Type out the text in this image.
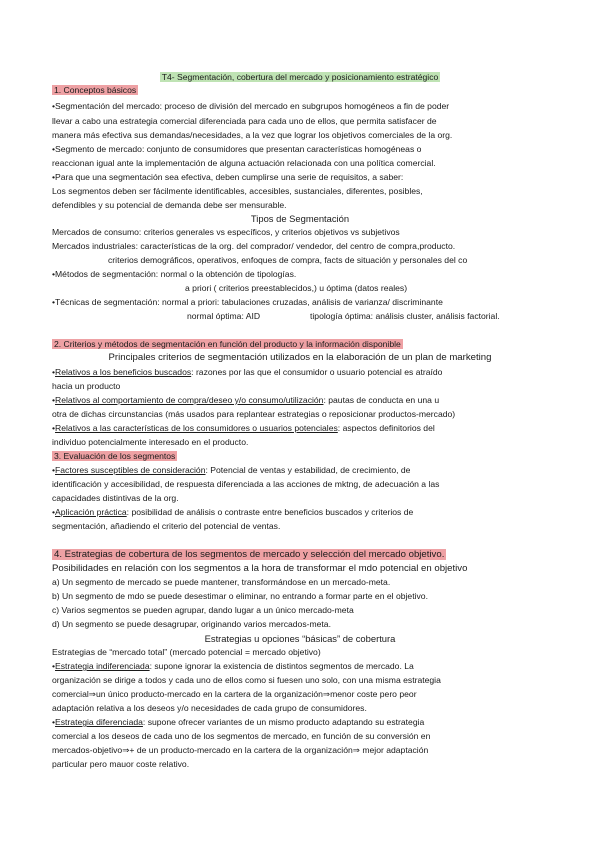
T4- Segmentación, cobertura del mercado y posicionamiento estratégico
1. Conceptos básicos
•Segmentación del mercado: proceso de división del mercado en subgrupos homogéneos a fin de poder
llevar a cabo una estrategia comercial diferenciada para cada uno de ellos, que permita satisfacer de
manera más efectiva sus demandas/necesidades, a la vez que lograr los objetivos comerciales de la org.
•Segmento de mercado: conjunto de consumidores que presentan características homogéneas o
reaccionan igual ante la implementación de alguna actuación relacionada con una política comercial.
•Para que una segmentación sea efectiva, deben cumplirse una serie de requisitos, a saber:
Los segmentos deben ser fácilmente identificables, accesibles, sustanciales, diferentes, posibles,
defendibles y su potencial de demanda debe ser mensurable.
Tipos de Segmentación
Mercados de consumo: criterios generales vs específicos, y criterios objetivos vs subjetivos
Mercados industriales: características de la org. del comprador/ vendedor, del centro de compra,producto.
criterios demográficos, operativos, enfoques de compra, facts de situación y personales del co
•Métodos de segmentación: normal o la obtención de tipologías.
a priori ( criterios preestablecidos,) u óptima (datos reales)
•Técnicas de segmentación: normal a priori: tabulaciones cruzadas, análisis de varianza/ discriminante
normal óptima: AID	tipología óptima: análisis cluster, análisis factorial.
2. Criterios y métodos de segmentación en función del producto y la información disponible
Principales criterios de segmentación utilizados en la elaboración de un plan de marketing
•Relativos a los beneficios buscados: razones por las que el consumidor o usuario potencial es atraído
hacia un producto
•Relativos al comportamiento de compra/deseo y/o consumo/utilización: pautas de conducta en una u
otra de dichas circunstancias (más usados para replantear estrategias o reposicionar productos-mercado)
•Relativos a las características de los consumidores o usuarios potenciales: aspectos definitorios del
individuo potencialmente interesado en el producto.
3. Evaluación de los segmentos
•Factores susceptibles de consideración: Potencial de ventas y estabilidad, de crecimiento, de
identificación y accesibilidad, de respuesta diferenciada a las acciones de mktng, de adecuación a las
capacidades distintivas de la org.
•Aplicación práctica: posibilidad de análisis o contraste entre beneficios buscados y criterios de
segmentación, añadiendo el criterio del potencial de ventas.
4. Estrategias de cobertura de los segmentos de mercado y selección del mercado objetivo.
Posibilidades en relación con los segmentos a la hora de transformar el mdo potencial en objetivo
a) Un segmento de mercado se puede mantener, transformándose en un mercado-meta.
b) Un segmento de mdo se puede desestimar o eliminar, no entrando a formar parte en el objetivo.
c) Varios segmentos se pueden agrupar, dando lugar a un único mercado-meta
d) Un segmento se puede desagrupar, originando varios mercados-meta.
Estrategias u opciones “básicas” de cobertura
Estrategias de “mercado total” (mercado potencial = mercado objetivo)
•Estrategia indiferenciada: supone ignorar la existencia de distintos segmentos de mercado. La
organización se dirige a todos y cada uno de ellos como si fuesen uno solo, con una misma estrategia
comercial⇒un único producto-mercado en la cartera de la organización⇒menor coste pero peor
adaptación relativa a los deseos y/o necesidades de cada grupo de consumidores.
•Estrategia diferenciada: supone ofrecer variantes de un mismo producto adaptando su estrategia
comercial a los deseos de cada uno de los segmentos de mercado, en función de su conversión en
mercados-objetivo⇒+ de un producto-mercado en la cartera de la organización⇒ mejor adaptación
particular pero mauor coste relativo.
